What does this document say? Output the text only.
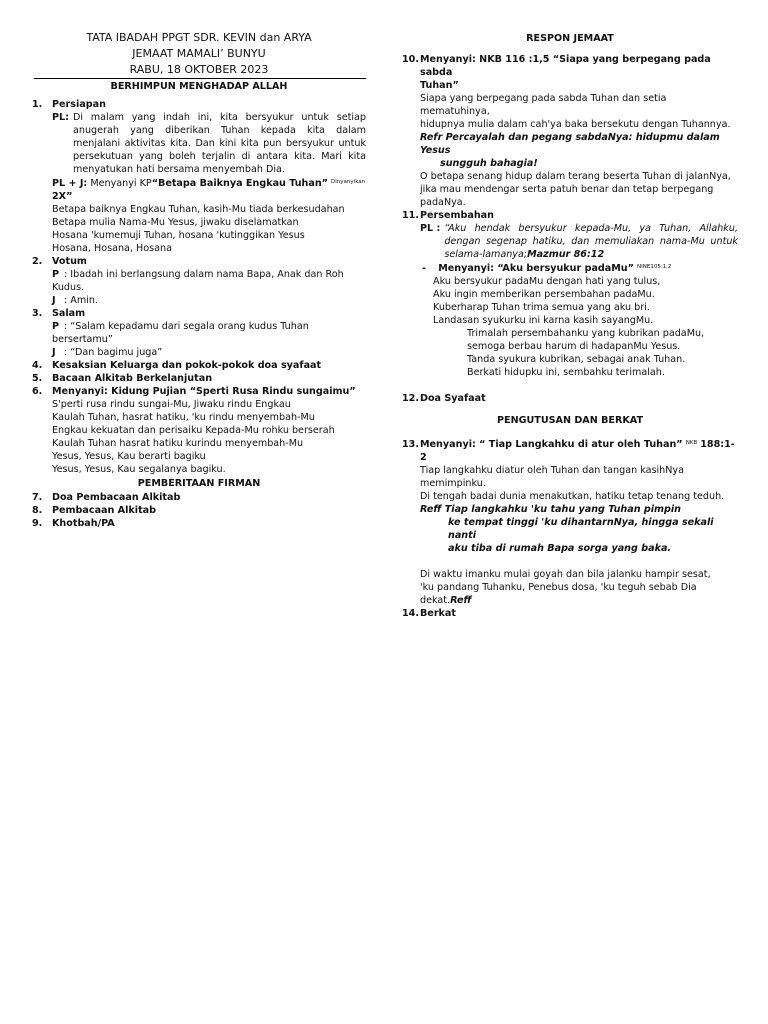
TATA IBADAH PPGT SDR. KEVIN dan ARYA
JEMAAT MAMALI’ BUNYU
RABU, 18 OKTOBER 2023
BERHIMPUN MENGHADAP ALLAH
1.	Persiapan
PL: Di malam yang indah ini, kita bersyukur untuk setiap anugerah yang diberikan Tuhan kepada kita dalam menjalani aktivitas kita. Dan kini kita pun bersyukur untuk persekutuan yang boleh terjalin di antara kita. Mari kita menyatukan hati bersama menyembah Dia.
PL + J: Menyanyi KP“Betapa Baiknya Engkau Tuhan” $^{Dinyanyikan}$
2X”
Betapa baiknya Engkau Tuhan, kasih-Mu tiada berkesudahan
Betapa mulia Nama-Mu Yesus, jiwaku diselamatkan
Hosana 'kumemuji Tuhan, hosana 'kutinggikan Yesus
Hosana, Hosana, Hosana
2.	Votum
P : Ibadah ini berlangsung dalam nama Bapa, Anak dan Roh Kudus.
J : Amin.
3.	Salam
P : “Salam kepadamu dari segala orang kudus Tuhan bersertamu”
J : “Dan bagimu juga”
4.	Kesaksian Keluarga dan pokok-pokok doa syafaat
5.	Bacaan Alkitab Berkelanjutan
6.	Menyanyi: Kidung Pujian “Sperti Rusa Rindu sungaimu”
S'perti rusa rindu sungai-Mu, Jiwaku rindu Engkau
Kaulah Tuhan, hasrat hatiku, 'ku rindu menyembah-Mu
Engkau kekuatan dan perisaiku Kepada-Mu rohku berserah
Kaulah Tuhan hasrat hatiku kurindu menyembah-Mu
Yesus, Yesus, Kau berarti bagiku
Yesus, Yesus, Kau segalanya bagiku.
PEMBERITAAN FIRMAN
7.	Doa Pembacaan Alkitab
8.	Pembacaan Alkitab
9.	Khotbah/PA
RESPON JEMAAT
10. Menyanyi: NKB 116 :1,5 “Siapa yang berpegang pada sabda
Tuhan”
Siapa yang berpegang pada sabda Tuhan dan setia mematuhinya,
hidupnya mulia dalam cah'ya baka bersekutu dengan Tuhannya.
Refr Percayalah dan pegang sabdaNya: hidupmu dalam Yesus
sungguh bahagia!
O betapa senang hidup dalam terang beserta Tuhan di jalanNya,
jika mau mendengar serta patuh benar dan tetap berpegang padaNya.
11. Persembahan
PL : “Aku hendak bersyukur kepada-Mu, ya Tuhan, Allahku, dengan segenap hatiku, dan memuliakan nama-Mu untuk selama-lamanya;Mazmur 86:12
- Menyanyi: “Aku bersyukur padaMu” $^{NINE105:1,2}$
Aku bersyukur padaMu dengan hati yang tulus,
Aku ingin memberikan persembahan padaMu.
Kuberharap Tuhan trima semua yang aku bri.
Landasan syukurku ini karna kasih sayangMu.
Trimalah persembahanku yang kubrikan padaMu,
semoga berbau harum di hadapanMu Yesus.
Tanda syukura kubrikan, sebagai anak Tuhan.
Berkati hidupku ini, sembahku terimalah.
12. Doa Syafaat
PENGUTUSAN DAN BERKAT
13. Menyanyi: “ Tiap Langkahku di atur oleh Tuhan” $^{NKB}$ 188:1-2
Tiap langkahku diatur oleh Tuhan dan tangan kasihNya memimpinku.
Di tengah badai dunia menakutkan, hatiku tetap tenang teduh.
Reff Tiap langkahku 'ku tahu yang Tuhan pimpin
ke tempat tinggi 'ku dihantarnNya, hingga sekali nanti
aku tiba di rumah Bapa sorga yang baka.
Di waktu imanku mulai goyah dan bila jalanku hampir sesat,
'ku pandang Tuhanku, Penebus dosa, 'ku teguh sebab Dia dekat.Reff
14. Berkat
